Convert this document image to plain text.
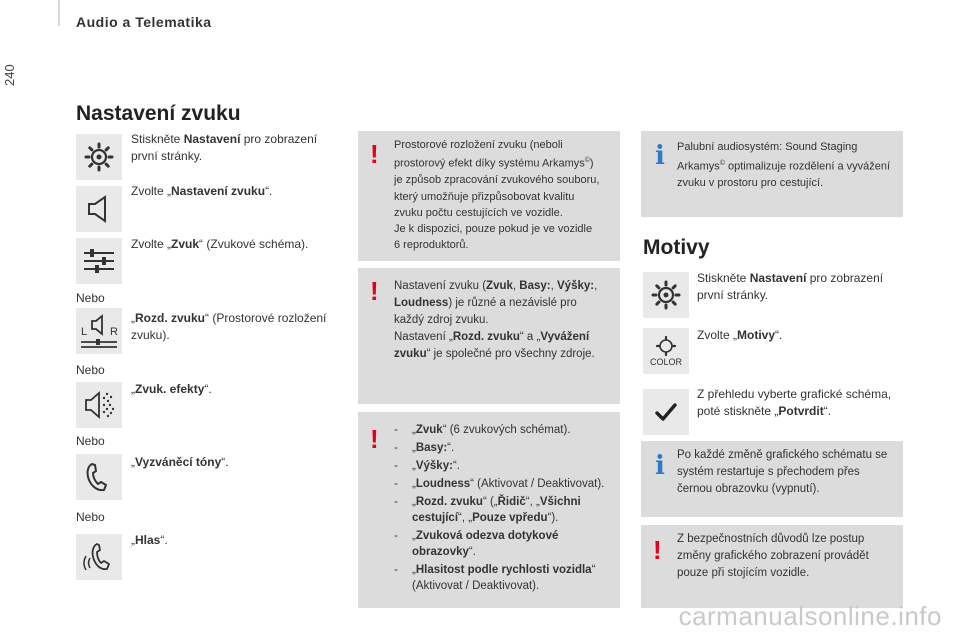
Audio a Telematika
240
Nastavení zvuku
Stiskněte Nastavení pro zobrazení první stránky.
Zvolte „Nastavení zvuku“.
Zvolte „Zvuk“ (Zvukové schéma).
Nebo
L R
„Rozd. zvuku“ (Prostorové rozložení zvuku).
Nebo
„Zvuk. efekty“.
Nebo
„Vyzváněcí tóny“.
Nebo
„Hlas“.
! Prostorové rozložení zvuku (neboli
prostorový efekt díky systému Arkamys©)
je způsob zpracování zvukového souboru,
který umožňuje přizpůsobovat kvalitu
zvuku počtu cestujících ve vozidle.
Je k dispozici, pouze pokud je ve vozidle
6 reproduktorů.
! Nastavení zvuku (Zvuk, Basy:, Výšky:, Loudness) je různé a nezávislé pro každý zdroj zvuku.
Nastavení „Rozd. zvuku“ a „Vyvážení zvuku“ je společné pro všechny zdroje.
!
-	„Zvuk“ (6 zvukových schémat).
- „Basy:“.
- „Výšky:“.
- „Loudness“ (Aktivovat / Deaktivovat).
- „Rozd. zvuku“ („Řidič“, „Všichni cestující“, „Pouze vpředu“).
- „Zvuková odezva dotykové obrazovky“.
- „Hlasitost podle rychlosti vozidla“ (Aktivovat / Deaktivovat).
i Palubní audiosystém: Sound Staging Arkamys© optimalizuje rozdělení a vyvážení zvuku v prostoru pro cestující.
Motivy
Stiskněte Nastavení pro zobrazení první stránky.
COLOR
Zvolte „Motivy“.
Z přehledu vyberte grafické schéma, poté stiskněte „Potvrdit“.
i Po každé změně grafického schématu se systém restartuje s přechodem přes černou obrazovku (vypnutí).
! Z bezpečnostních důvodů lze postup změny grafického zobrazení provádět pouze při stojícím vozidle.
carmanualsonline.info
